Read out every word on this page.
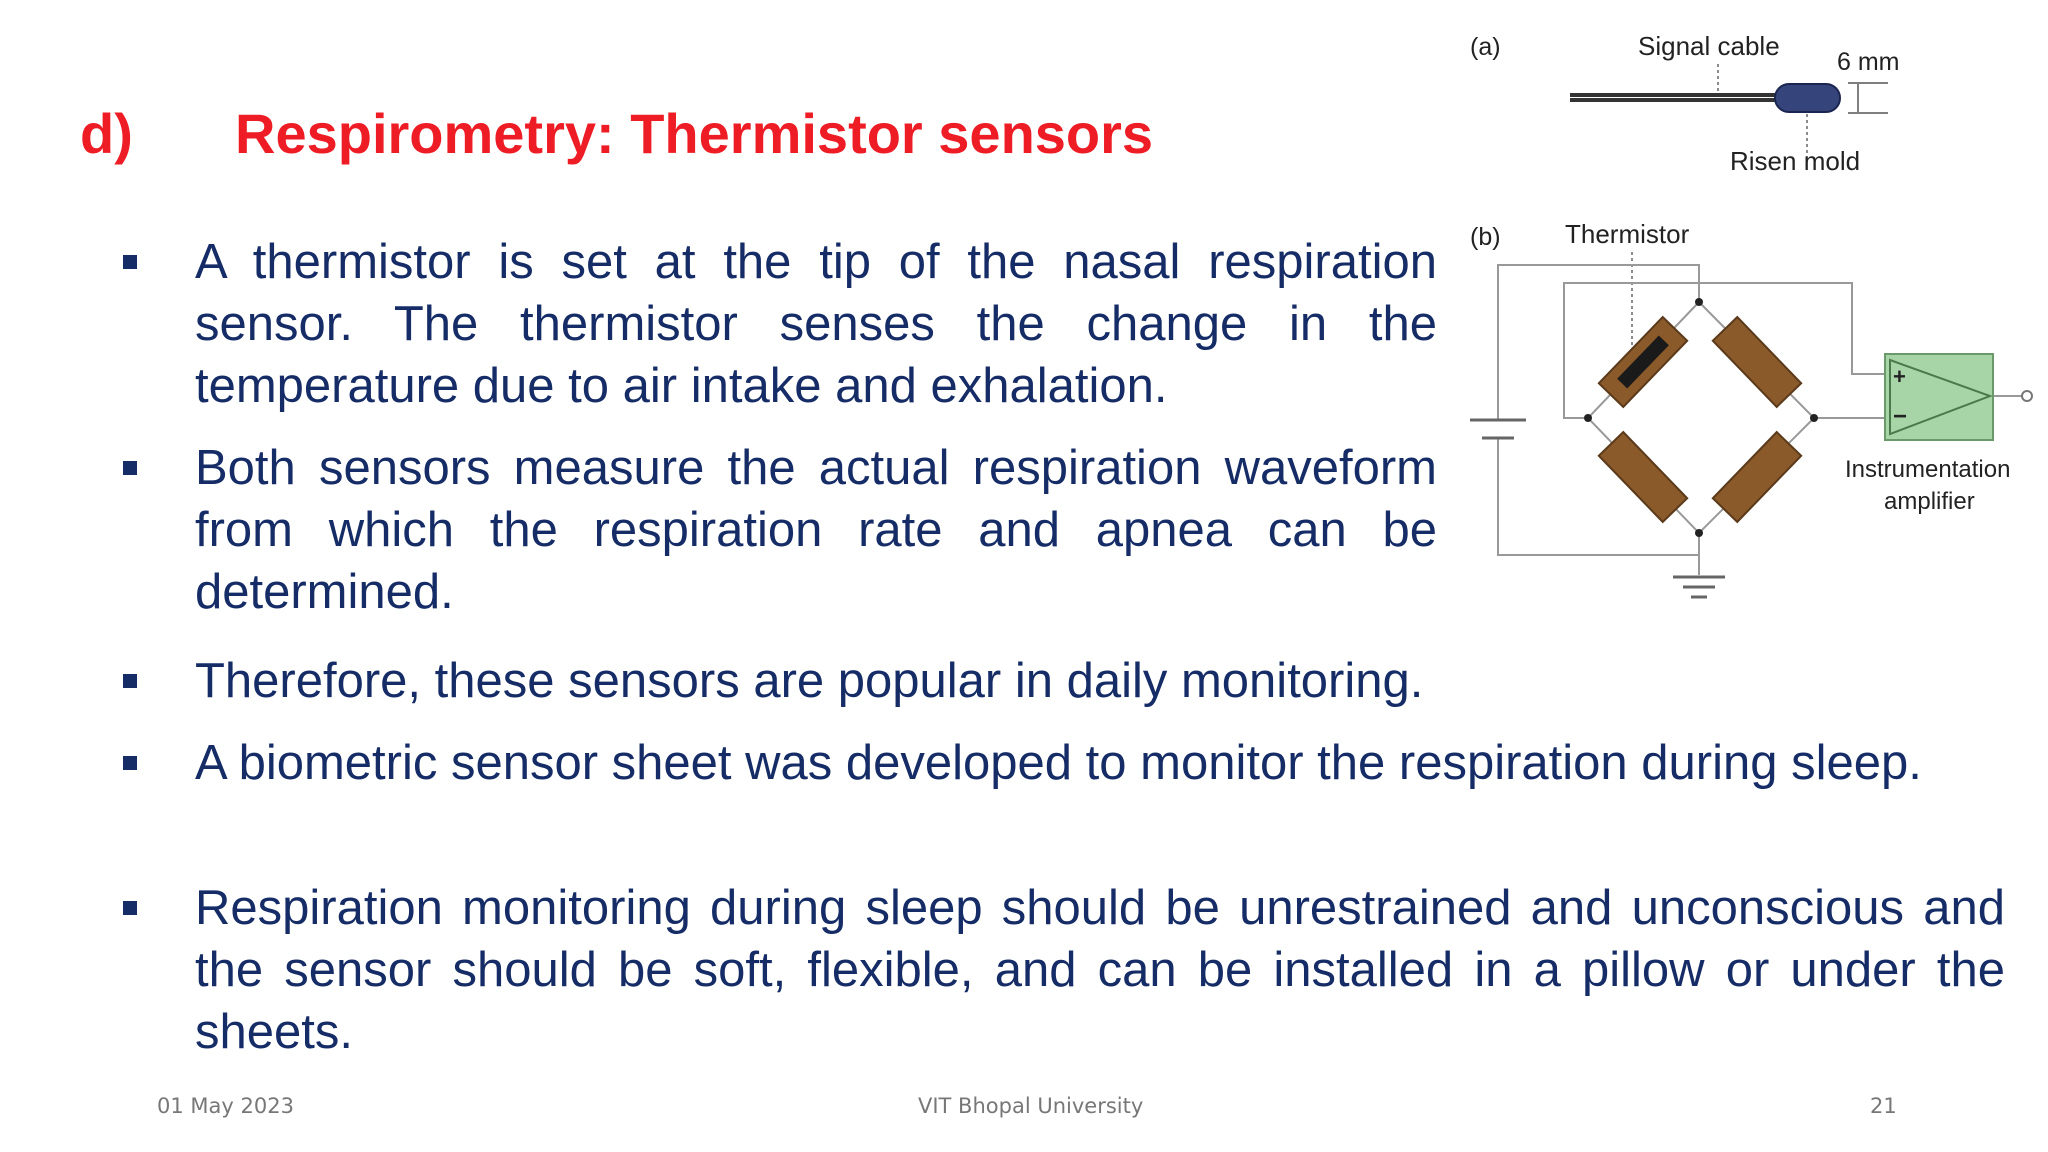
d) Respirometry: Thermistor sensors
A thermistor is set at the tip of the nasal respiration sensor. The thermistor senses the change in the temperature due to air intake and exhalation.
Both sensors measure the actual respiration waveform from which the respiration rate and apnea can be determined.
Therefore, these sensors are popular in daily monitoring.
A biometric sensor sheet was developed to monitor the respiration during sleep.
Respiration monitoring during sleep should be unrestrained and unconscious and the sensor should be soft, flexible, and can be installed in a pillow or under the sheets.
(a)	Signal cable
6 mm
Risen mold
(b) Thermistor
+
−
Instrumentation
amplifier
01 May 2023	VIT Bhopal University	21
